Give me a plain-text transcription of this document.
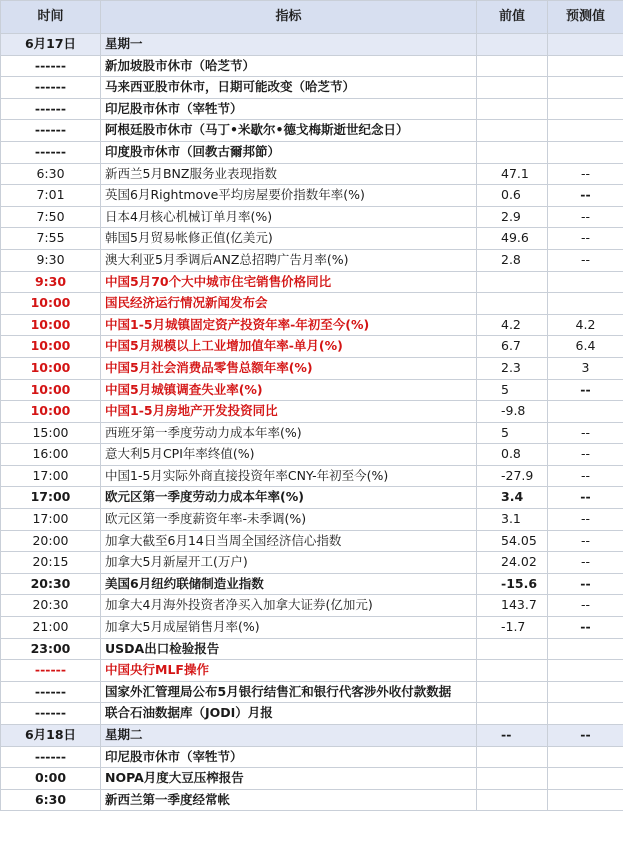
时间	指标	前值	预测值
6月17日	星期一		
------	新加坡股市休市（哈芝节）		
------	马来西亚股市休市，日期可能改变（哈芝节）		
------	印尼股市休市（宰牲节）		
------	阿根廷股市休市（马丁•米歇尔•德戈梅斯逝世纪念日）		
------	印度股市休市（回教古爾邦節）		
6:30	新西兰5月BNZ服务业表现指数	47.1	--
7:01	英国6月Rightmove平均房屋要价指数年率(%)	0.6	--
7:50	日本4月核心机械订单月率(%)	2.9	--
7:55	韩国5月贸易帐修正值(亿美元)	49.6	--
9:30	澳大利亚5月季调后ANZ总招聘广告月率(%)	2.8	--
9:30	中国5月70个大中城市住宅销售价格同比		
10:00	国民经济运行情况新闻发布会		
10:00	中国1-5月城镇固定资产投资年率-年初至今(%)	4.2	4.2
10:00	中国5月规模以上工业增加值年率-单月(%)	6.7	6.4
10:00	中国5月社会消费品零售总额年率(%)	2.3	3
10:00	中国5月城镇调查失业率(%)	5	--
10:00	中国1-5月房地产开发投资同比	-9.8	
15:00	西班牙第一季度劳动力成本年率(%)	5	--
16:00	意大利5月CPI年率终值(%)	0.8	--
17:00	中国1-5月实际外商直接投资年率CNY-年初至今(%)	-27.9	--
17:00	欧元区第一季度劳动力成本年率(%)	3.4	--
17:00	欧元区第一季度薪资年率-未季调(%)	3.1	--
20:00	加拿大截至6月14日当周全国经济信心指数	54.05	--
20:15	加拿大5月新屋开工(万户)	24.02	--
20:30	美国6月纽约联储制造业指数	-15.6	--
20:30	加拿大4月海外投资者净买入加拿大证券(亿加元)	143.7	--
21:00	加拿大5月成屋销售月率(%)	-1.7	--
23:00	USDA出口检验报告		
------	中国央行MLF操作		
------	国家外汇管理局公布5月银行结售汇和银行代客涉外收付款数据		
------	联合石油数据库（JODI）月报		
6月18日	星期二	--	--
------	印尼股市休市（宰牲节）		
0:00	NOPA月度大豆压榨报告		
6:30	新西兰第一季度经常帐		
